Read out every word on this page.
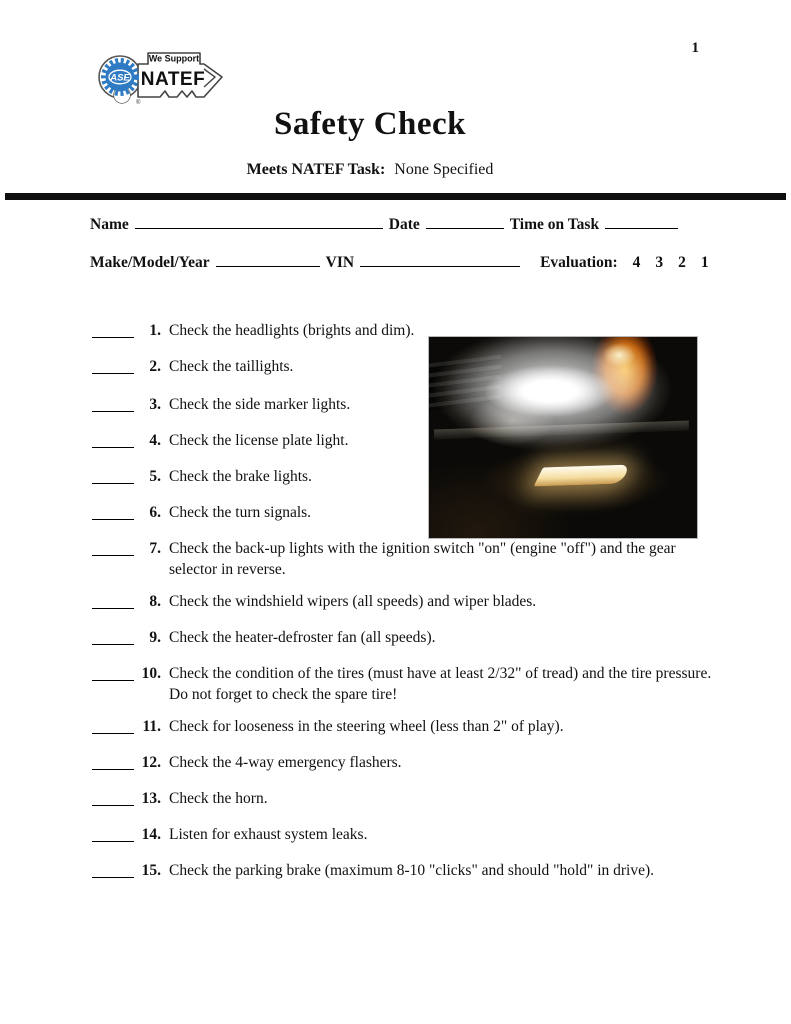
ASE
®
We Support
NATEF
1
Safety Check
Meets NATEF Task: None Specified
Name	Date	Time on Task
Make/Model/Year	VIN	Evaluation: 4 3 2 1
1. Check the headlights (brights and dim).
2. Check the taillights.
3. Check the side marker lights.
4. Check the license plate light.
5. Check the brake lights.
6. Check the turn signals.
7. Check the back-up lights with the ignition switch "on" (engine "off") and the gear selector in reverse.
8. Check the windshield wipers (all speeds) and wiper blades.
9. Check the heater-defroster fan (all speeds).
10. Check the condition of the tires (must have at least 2/32" of tread) and the tire pressure.  Do not forget to check the spare tire!
11. Check for looseness in the steering wheel (less than 2" of play).
12. Check the 4-way emergency flashers.
13. Check the horn.
14. Listen for exhaust system leaks.
15. Check the parking brake (maximum 8-10 "clicks" and should "hold" in drive).
